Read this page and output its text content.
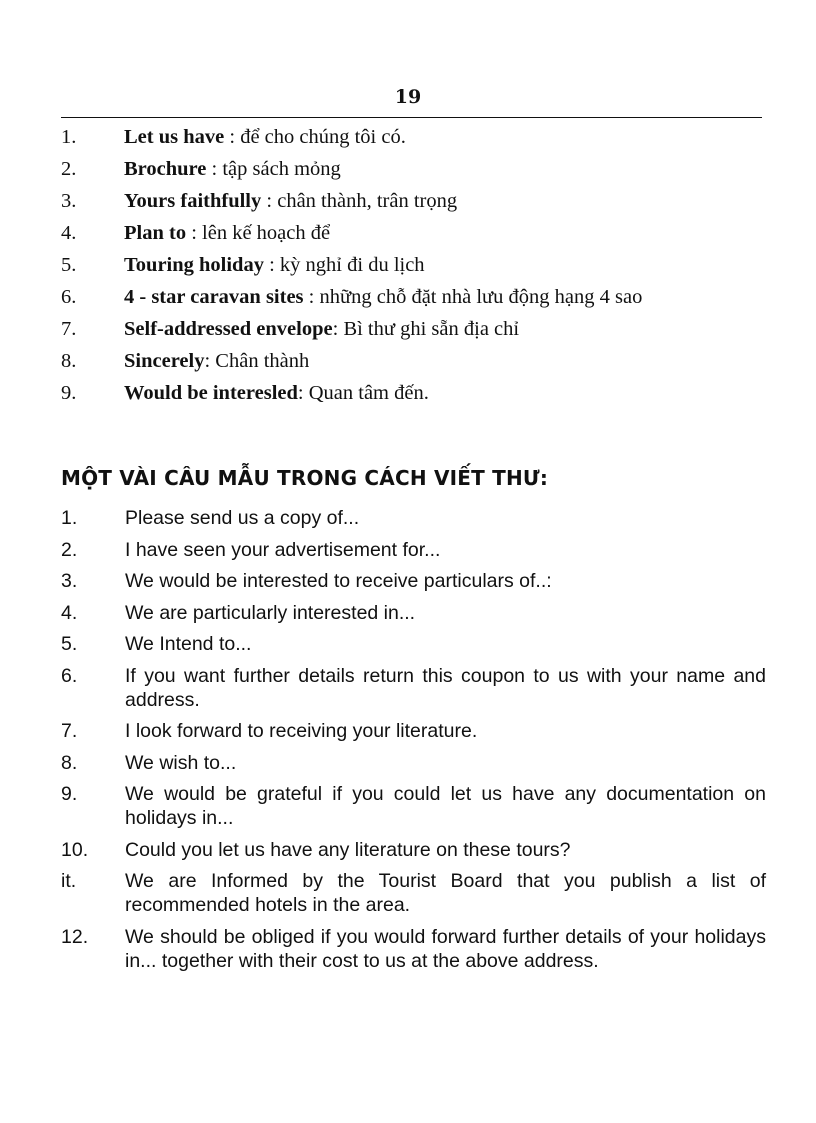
19
1. Let us have : để cho chúng tôi có.
2. Brochure : tập sách mỏng
3. Yours faithfully : chân thành, trân trọng
4. Plan to : lên kế hoạch để
5. Touring holiday : kỳ nghỉ đi du lịch
6. 4 - star caravan sites : những chỗ đặt nhà lưu động hạng 4 sao
7. Self-addressed envelope: Bì thư ghi sẵn địa chỉ
8. Sincerely: Chân thành
9. Would be interesled: Quan tâm đến.
MỘT VÀI CÂU MẪU TRONG CÁCH VIẾT THƯ:
1. Please send us a copy of...
2. I have seen your advertisement for...
3. We would be interested to receive particulars of..:
4. We are particularly interested in...
5. We Intend to...
6. If you want further details return this coupon to us with your name and address.
7. I look forward to receiving your literature.
8. We wish to...
9. We would be grateful if you could let us have any documentation on holidays in...
10. Could you let us have any literature on these tours?
it.	We are Informed by the Tourist Board that you publish a list of recommended hotels in the area.
12. We should be obliged if you would forward further details of your holidays in... together with their cost to us at the above address.
